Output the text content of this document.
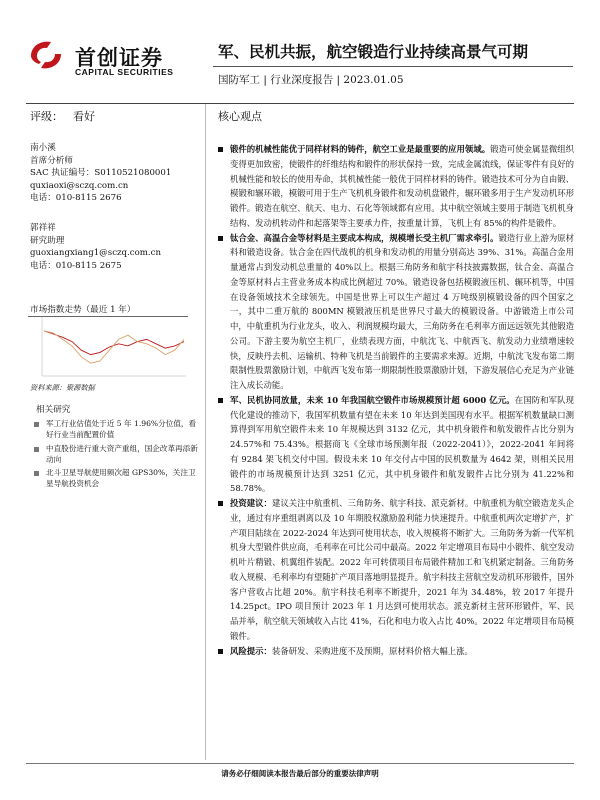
首创证券
CAPITAL SECURITIES
军、民机共振，航空锻造行业持续高景气可期
国防军工 | 行业深度报告 | 2023.01.05
评级： 看好	核心观点
南小溪
首席分析师
SAC 执证编号：S0110521080001
quxiaoxi@sczq.com.cn
电话：010-8115 2676
郭祥祥
研究助理
guoxiangxiang1@sczq.com.cn
电话：010-8115 2675
市场指数走势（最近 1 年）
资料来源：聚源数据
相关研究
军工行业估值处于近 5 年 1.96%分位值，看好行业当前配置价值
中直股份进行重大资产重组，国企改革再添新动向
北斗卫星导航使用频次超 GPS30%，关注卫星导航投资机会

锻件的机械性能优于同样材料的铸件，航空工业是最重要的应用领域。锻造可使金属显微组织变得更加致密，使锻件的纤维结构和锻件的形状保持一致，完成金属流线，保证零件有良好的机械性能和较长的使用寿命，其机械性能一般优于同样材料的铸件。锻造技术可分为自由锻、模锻和辗环锻，模锻可用于生产飞机机身锻件和发动机盘锻件，辗环锻多用于生产发动机环形锻件。锻造在航空、航天、电力、石化等领域都有应用。其中航空领域主要用于制造飞机机身结构、发动机转动件和起落架等主要承力件，按重量计算，飞机上有 85%的构件是锻件。

钛合金、高温合金等材料是主要成本构成，规模增长受主机厂需求牵引。锻造行业上游为原材料和锻造设备。钛合金在四代战机的机身和发动机的用量分别高达 39%、31%。高温合金用量通常占到发动机总重量的 40%以上。根据三角防务和航宇科技披露数据，钛合金、高温合金等原材料占主营业务成本构成比例超过 70%。锻造设备包括模锻液压机、辗环机等，中国在设备领域技术全球领先。中国是世界上可以生产超过 4 万吨级别模锻设备的四个国家之一，其中二重万航的 800MN 模锻液压机是世界尺寸最大的模锻设备。中游锻造上市公司中，中航重机为行业龙头，收入、利润规模均最大，三角防务在毛利率方面远远领先其他锻造公司。下游主要为航空主机厂，业绩表现方面，中航沈飞、中航西飞、航发动力业绩增速较快，反映丹去机、运输机、特种飞机是当前锻件的主要需求来源。近期，中航沈飞发布第二期限制性股票激励计划，中航西飞发布第一期限制性股票激励计划，下游发展信心充足为产业链注入成长动能。

军、民机协同放量，未来 10 年我国航空锻件市场规模预计超 6000 亿元。在国防和军队现代化建设的推动下，我国军机数量有望在未来 10 年达到美国现有水平。根据军机数量缺口测算得到军用航空锻件未来 10 年规模达到 3132 亿元，其中机身锻件和航发锻件占比分别为 24.57%和 75.43%。根据商飞《全球市场预测年报（2022-2041）》，2022-2041 年间将有 9284 架飞机交付中国。假设未来 10 年交付占中国的民机数量为 4642 架，则相关民用锻件的市场规模预计达到 3251 亿元，其中机身锻件和航发锻件占比分别为 41.22%和 58.78%。

投资建议：建议关注中航重机、三角防务、航宇科技、派克新材。中航重机为航空锻造龙头企业，通过有序重组剥离以及 10 年期股权激励盈利能力快速提升。中航重机两次定增扩产，扩产项目陆续在 2022-2024 年达到可使用状态，收入规模将不断扩大。三角防务为新一代军机机身大型锻件供应商，毛利率在可比公司中最高。2022 年定增项目布局中小锻件、航空发动机叶片精锻、机翼组件装配。2022 年可转债项目布局锻件精加工和飞机紧定制备。三角防务收入规模、毛利率均有望随扩产项目落地明显提升。航宇科技主营航空发动机环形锻件，国外客户营收占比超 20%。航宇科技毛利率不断提升，2021 年为 34.48%，较 2017 年提升 14.25pct。IPO 项目预计 2023 年 1 月达到可使用状态。派克新材主营环形锻件，军、民品并举，航空航天领域收入占比 41%，石化和电力收入占比 40%。2022 年定增项目布局模锻件。

风险提示：装备研发、采购进度不及预期，原材料价格大幅上涨。

请务必仔细阅读本报告最后部分的重要法律声明
